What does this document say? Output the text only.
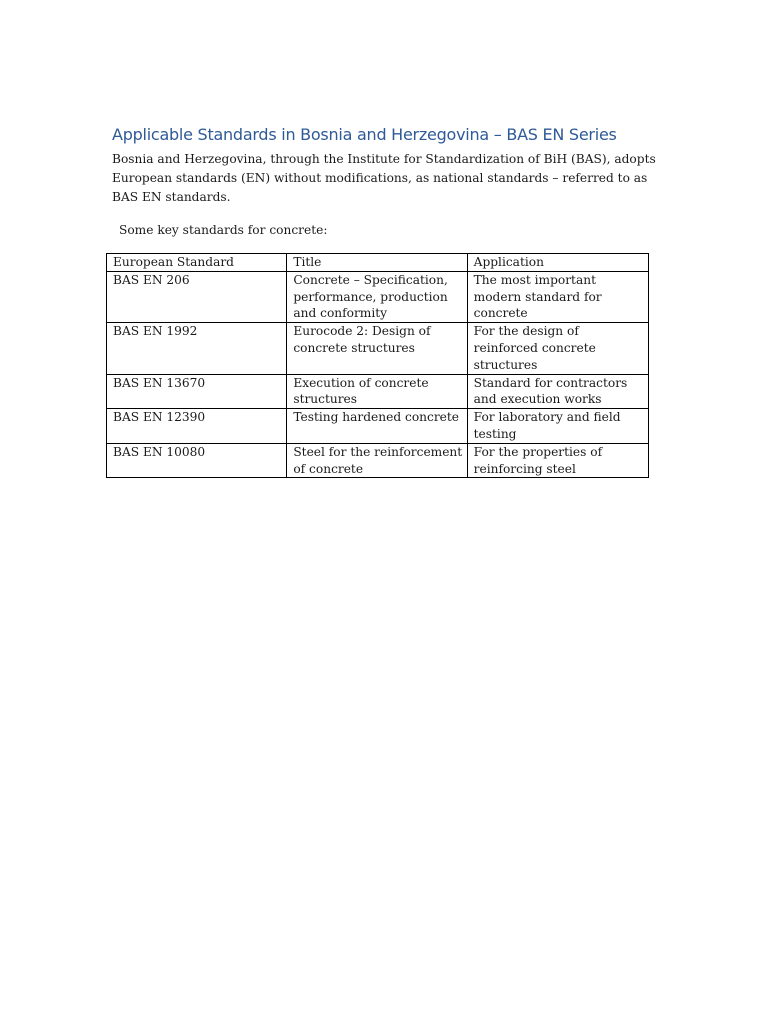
Applicable Standards in Bosnia and Herzegovina – BAS EN Series

Bosnia and Herzegovina, through the Institute for Standardization of BiH (BAS), adopts European standards (EN) without modifications, as national standards – referred to as BAS EN standards.

Some key standards for concrete:

European Standard	Title	Application
BAS EN 206	Concrete – Specification, performance, production and conformity	The most important modern standard for concrete
BAS EN 1992	Eurocode 2: Design of concrete structures	For the design of reinforced concrete structures
BAS EN 13670	Execution of concrete structures	Standard for contractors and execution works
BAS EN 12390	Testing hardened concrete	For laboratory and field testing
BAS EN 10080	Steel for the reinforcement of concrete	For the properties of reinforcing steel
